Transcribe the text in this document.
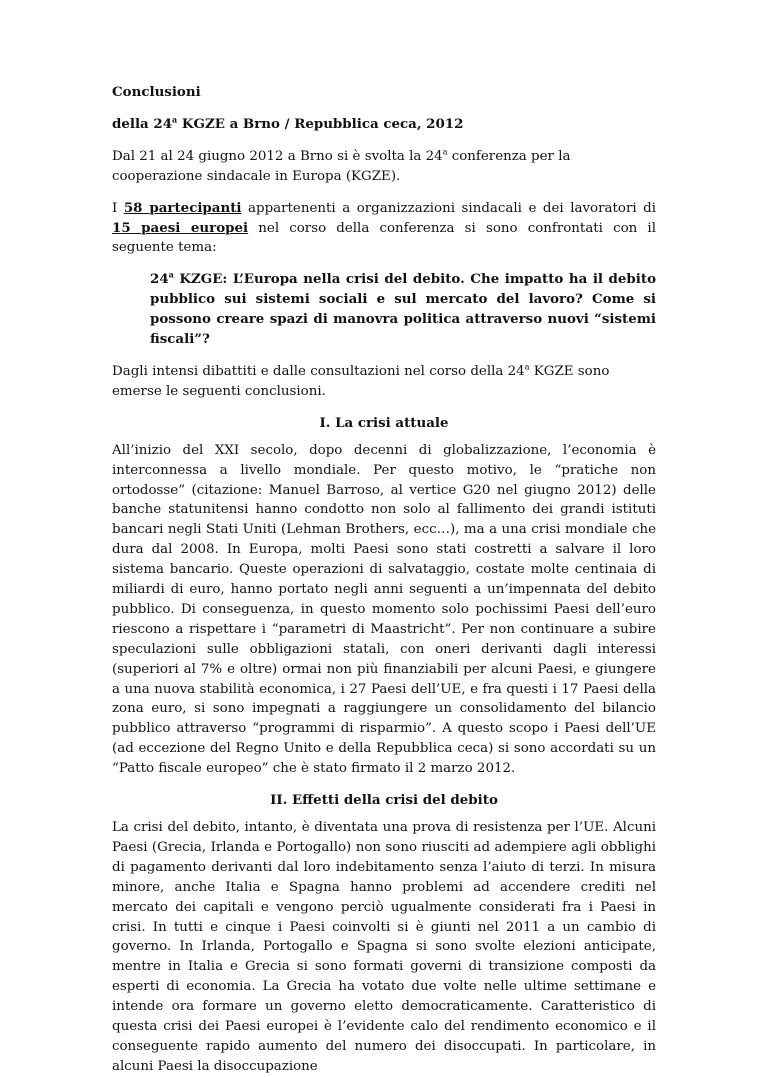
Conclusioni

della 24$^a$ KGZE a Brno / Repubblica ceca, 2012

Dal 21 al 24 giugno 2012 a Brno si è svolta la 24$^a$ conferenza per la cooperazione sindacale in Europa (KGZE).

I 58 partecipanti appartenenti a organizzazioni sindacali e dei lavoratori di 15 paesi europei nel corso della conferenza si sono confrontati con il seguente tema:

24$^a$ KZGE: L’Europa nella crisi del debito. Che impatto ha il debito pubblico sui sistemi sociali e sul mercato del lavoro? Come si possono creare spazi di manovra politica attraverso nuovi “sistemi fiscali”?

Dagli intensi dibattiti e dalle consultazioni nel corso della 24$^a$ KGZE sono emerse le seguenti conclusioni.

I. La crisi attuale

All’inizio del XXI secolo, dopo decenni di globalizzazione, l’economia è interconnessa a livello mondiale. Per questo motivo, le “pratiche non ortodosse” (citazione: Manuel Barroso, al vertice G20 nel giugno 2012) delle banche statunitensi hanno condotto non solo al fallimento dei grandi istituti bancari negli Stati Uniti (Lehman Brothers, ecc…), ma a una crisi mondiale che dura dal 2008. In Europa, molti Paesi sono stati costretti a salvare il loro sistema bancario. Queste operazioni di salvataggio, costate molte centinaia di miliardi di euro, hanno portato negli anni seguenti a un’impennata del debito pubblico. Di conseguenza, in questo momento solo pochissimi Paesi dell’euro riescono a rispettare i “parametri di Maastricht”. Per non continuare a subire speculazioni sulle obbligazioni statali, con oneri derivanti dagli interessi (superiori al 7% e oltre) ormai non più finanziabili per alcuni Paesi, e giungere a una nuova stabilità economica, i 27 Paesi dell’UE, e fra questi i 17 Paesi della zona euro, si sono impegnati a raggiungere un consolidamento del bilancio pubblico attraverso “programmi di risparmio”. A questo scopo i Paesi dell’UE (ad eccezione del Regno Unito e della Repubblica ceca) si sono accordati su un “Patto fiscale europeo” che è stato firmato il 2 marzo 2012.

II. Effetti della crisi del debito

La crisi del debito, intanto, è diventata una prova di resistenza per l’UE. Alcuni Paesi (Grecia, Irlanda e Portogallo) non sono riusciti ad adempiere agli obblighi di pagamento derivanti dal loro indebitamento senza l’aiuto di terzi. In misura minore, anche Italia e Spagna hanno problemi ad accendere crediti nel mercato dei capitali e vengono perciò ugualmente considerati fra i Paesi in crisi. In tutti e cinque i Paesi coinvolti si è giunti nel 2011 a un cambio di governo. In Irlanda, Portogallo e Spagna si sono svolte elezioni anticipate, mentre in Italia e Grecia si sono formati governi di transizione composti da esperti di economia. La Grecia ha votato due volte nelle ultime settimane e intende ora formare un governo eletto democraticamente. Caratteristico di questa crisi dei Paesi europei è l’evidente calo del rendimento economico e il conseguente rapido aumento del numero dei disoccupati. In particolare, in alcuni Paesi la disoccupazione
